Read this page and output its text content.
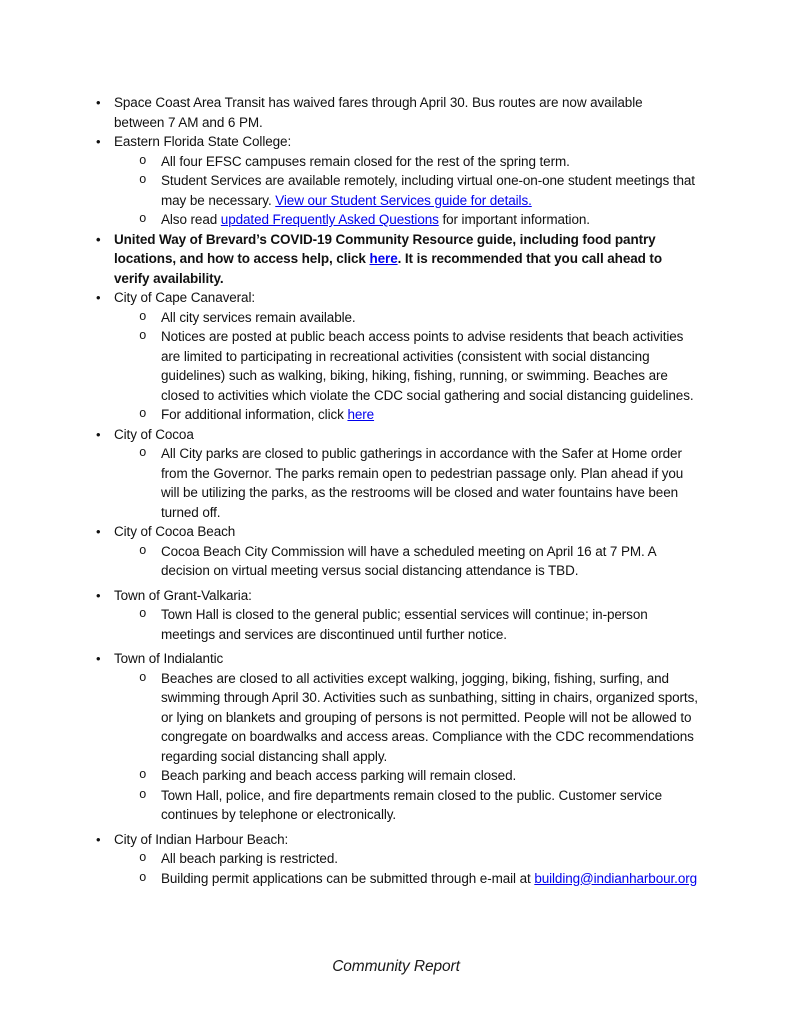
• Space Coast Area Transit has waived fares through April 30. Bus routes are now available between 7 AM and 6 PM.
• Eastern Florida State College:
o All four EFSC campuses remain closed for the rest of the spring term.
o Student Services are available remotely, including virtual one-on-one student meetings that may be necessary. View our Student Services guide for details.
o Also read updated Frequently Asked Questions for important information.
• United Way of Brevard’s COVID-19 Community Resource guide, including food pantry locations, and how to access help, click here. It is recommended that you call ahead to verify availability.
• City of Cape Canaveral:
o All city services remain available.
o Notices are posted at public beach access points to advise residents that beach activities are limited to participating in recreational activities (consistent with social distancing guidelines) such as walking, biking, hiking, fishing, running, or swimming. Beaches are closed to activities which violate the CDC social gathering and social distancing guidelines.
o For additional information, click here
• City of Cocoa
o All City parks are closed to public gatherings in accordance with the Safer at Home order from the Governor. The parks remain open to pedestrian passage only. Plan ahead if you will be utilizing the parks, as the restrooms will be closed and water fountains have been turned off.
• City of Cocoa Beach
o Cocoa Beach City Commission will have a scheduled meeting on April 16 at 7 PM. A decision on virtual meeting versus social distancing attendance is TBD.
• Town of Grant-Valkaria:
o Town Hall is closed to the general public; essential services will continue; in-person meetings and services are discontinued until further notice.
• Town of Indialantic
o Beaches are closed to all activities except walking, jogging, biking, fishing, surfing, and swimming through April 30. Activities such as sunbathing, sitting in chairs, organized sports, or lying on blankets and grouping of persons is not permitted. People will not be allowed to congregate on boardwalks and access areas. Compliance with the CDC recommendations regarding social distancing shall apply.
o Beach parking and beach access parking will remain closed.
o Town Hall, police, and fire departments remain closed to the public. Customer service continues by telephone or electronically.
• City of Indian Harbour Beach:
o All beach parking is restricted.
o Building permit applications can be submitted through e-mail at building@indianharbour.org
Community Report
